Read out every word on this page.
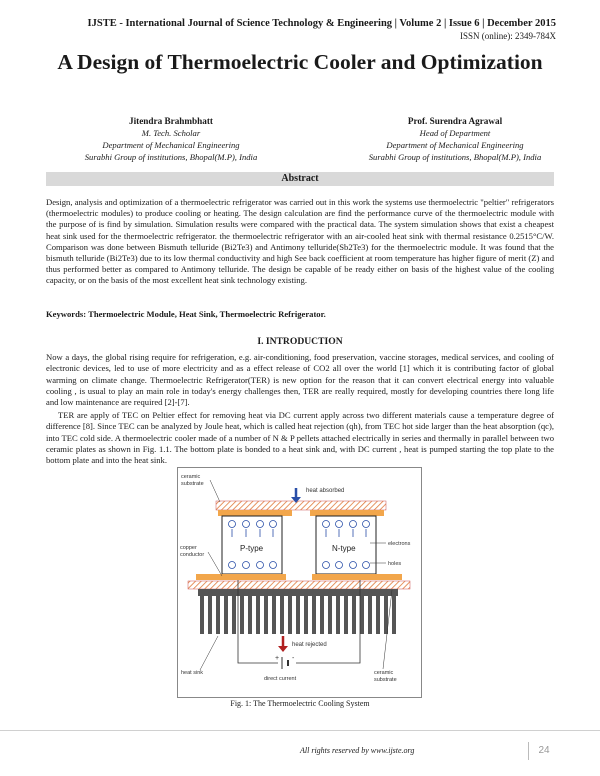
IJSTE - International Journal of Science Technology & Engineering | Volume 2 | Issue 6 | December 2015
ISSN (online): 2349-784X
A Design of Thermoelectric Cooler and Optimization
Jitendra Brahmbhatt
M. Tech. Scholar
Department of Mechanical Engineering
Surabhi Group of institutions, Bhopal(M.P), India
Prof. Surendra Agrawal
Head of Department
Department of Mechanical Engineering
Surabhi Group of institutions, Bhopal(M.P), India
Abstract
Design, analysis and optimization of a thermoelectric refrigerator was carried out in this work the systems use thermoelectric "peltier" refrigerators (thermoelectric modules) to produce cooling or heating. The design calculation are find the performance curve of the thermoelectric module with the purpose of is find by simulation. Simulation results were compared with the practical data. The system simulation shows that exist a cheapest heat sink used for the thermoelectric refrigerator. the thermoelectric refrigerator with an air-cooled heat sink with thermal resistance 0.2515°C/W. Comparison was done between Bismuth telluride (Bi2Te3) and Antimony telluride(Sb2Te3) for the thermoelectric module. It was found that the bismuth telluride (Bi2Te3) due to its low thermal conductivity and high See back coefficient at room temperature has higher figure of merit (Z) and thus performed better as compared to Antimony telluride. The design be capable of be ready either on basis of the highest value of the cooling capacity, or on the basis of the most excellent heat sink technology existing.
Keywords: Thermoelectric Module, Heat Sink, Thermoelectric Refrigerator.
I. INTRODUCTION
Now a days, the global rising require for refrigeration, e.g. air-conditioning, food preservation, vaccine storages, medical services, and cooling of electronic devices, led to use of more electricity and as a effect release of CO2 all over the world [1] which it is contributing factor of global warming on climate change. Thermoelectric Refrigerator(TER) is new option for the reason that it can convert electrical energy into valuable cooling , is usual to play an main role in today's energy challenges then, TER are really required, mostly for developing countries there long life and low maintenance are required [2]-[7].
TER are apply of TEC on Peltier effect for removing heat via DC current apply across two different materials cause a temperature degree of difference [8]. Since TEC can be analyzed by Joule heat, which is called heat rejection (qh), from TEC hot side larger than the heat absorption (qc), into TEC cold side. A thermoelectric cooler made of a number of N & P pellets attached electrically in series and thermally in parallel between two ceramic plates as shown in Fig. 1.1. The bottom plate is bonded to a heat sink and, with DC current , heat is pumped starting the top plate to the bottom plate and into the heat sink.
heat absorbed
P-type	N-type
heat rejected
+ -
direct current
ceramic
substrate
copper
conductor
electrons
holes
heat sink	ceramic
substrate
Fig. 1: The Thermoelectric Cooling System
All rights reserved by www.ijste.org	24
